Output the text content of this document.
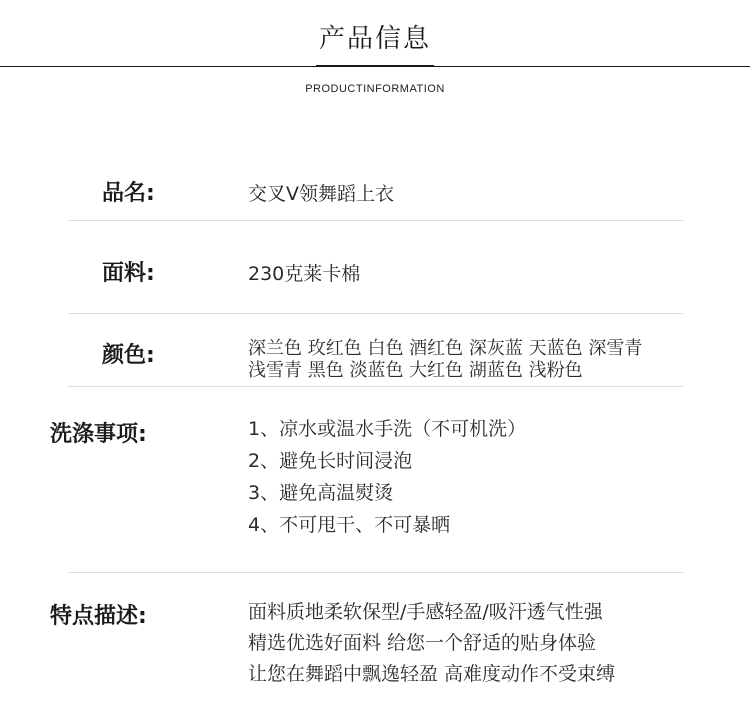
产品信息
PRODUCTINFORMATION
品名:	交叉V领舞蹈上衣
面料:	230克莱卡棉
颜色:	深兰色 玫红色 白色 酒红色 深灰蓝 天蓝色 深雪青
浅雪青 黑色 淡蓝色 大红色 湖蓝色 浅粉色
洗涤事项:	1、凉水或温水手洗（不可机洗）
2、避免长时间浸泡
3、避免高温熨烫
4、不可甩干、不可暴晒
特点描述:	面料质地柔软保型/手感轻盈/吸汗透气性强
精选优选好面料 给您一个舒适的贴身体验
让您在舞蹈中飘逸轻盈 高难度动作不受束缚
